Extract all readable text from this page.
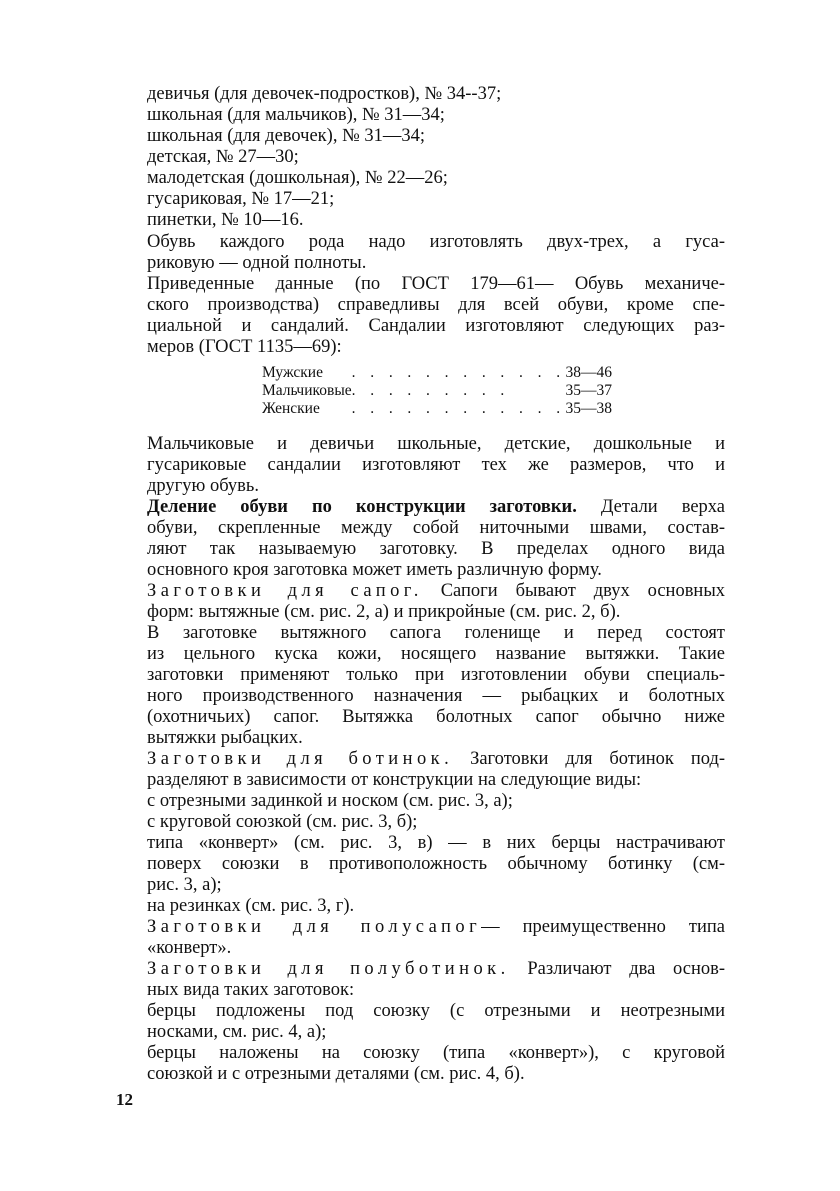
девичья (для девочек-подростков), № 34--37;
школьная (для мальчиков), № 31—34;
школьная (для девочек), № 31—34;
детская, № 27—30;
малодетская (дошкольная), № 22—26;
гусариковая, № 17—21;
пинетки, № 10—16.
Обувь каждого рода надо изготовлять двух-трех, а гуса-
риковую — одной полноты.
Приведенные данные (по ГОСТ 179—61— Обувь механиче-
ского производства) справедливы для всей обуви, кроме спе-
циальной и сандалий. Сандалии изготовляют следующих раз-
меров (ГОСТ 1135—69):
Мужские	. . . . . . . . . . . .	38—46
Мальчиковые	. . . . . . . . .	35—37
Женские	. . . . . . . . . . . .	35—38
Мальчиковые и девичьи школьные, детские, дошкольные и
гусариковые сандалии изготовляют тех же размеров, что и
другую обувь.
Деление обуви по конструкции заготовки. Детали верха
обуви, скрепленные между собой ниточными швами, состав-
ляют так называемую заготовку. В пределах одного вида
основного кроя заготовка может иметь различную форму.
Заготовки для сапог. Сапоги бывают двух основных
форм: вытяжные (см. рис. 2, а) и прикройные (см. рис. 2, б).
В заготовке вытяжного сапога голенище и перед состоят
из цельного куска кожи, носящего название вытяжки. Такие
заготовки применяют только при изготовлении обуви специаль-
ного производственного назначения — рыбацких и болотных
(охотничьих) сапог. Вытяжка болотных сапог обычно ниже
вытяжки рыбацких.
Заготовки для ботинок. Заготовки для ботинок под-
разделяют в зависимости от конструкции на следующие виды:
с отрезными задинкой и носком (см. рис. 3, а);
с круговой союзкой (см. рис. 3, б);
типа «конверт» (см. рис. 3, в) — в них берцы настрачивают
поверх союзки в противоположность обычному ботинку (см-
рис. 3, а);
на резинках (см. рис. 3, г).
Заготовки для полусапог— преимущественно типа
«конверт».
Заготовки для полуботинок. Различают два основ-
ных вида таких заготовок:
берцы подложены под союзку (с отрезными и неотрезными
носками, см. рис. 4, а);
берцы наложены на союзку (типа «конверт»), с круговой
союзкой и с отрезными деталями (см. рис. 4, б).
12
